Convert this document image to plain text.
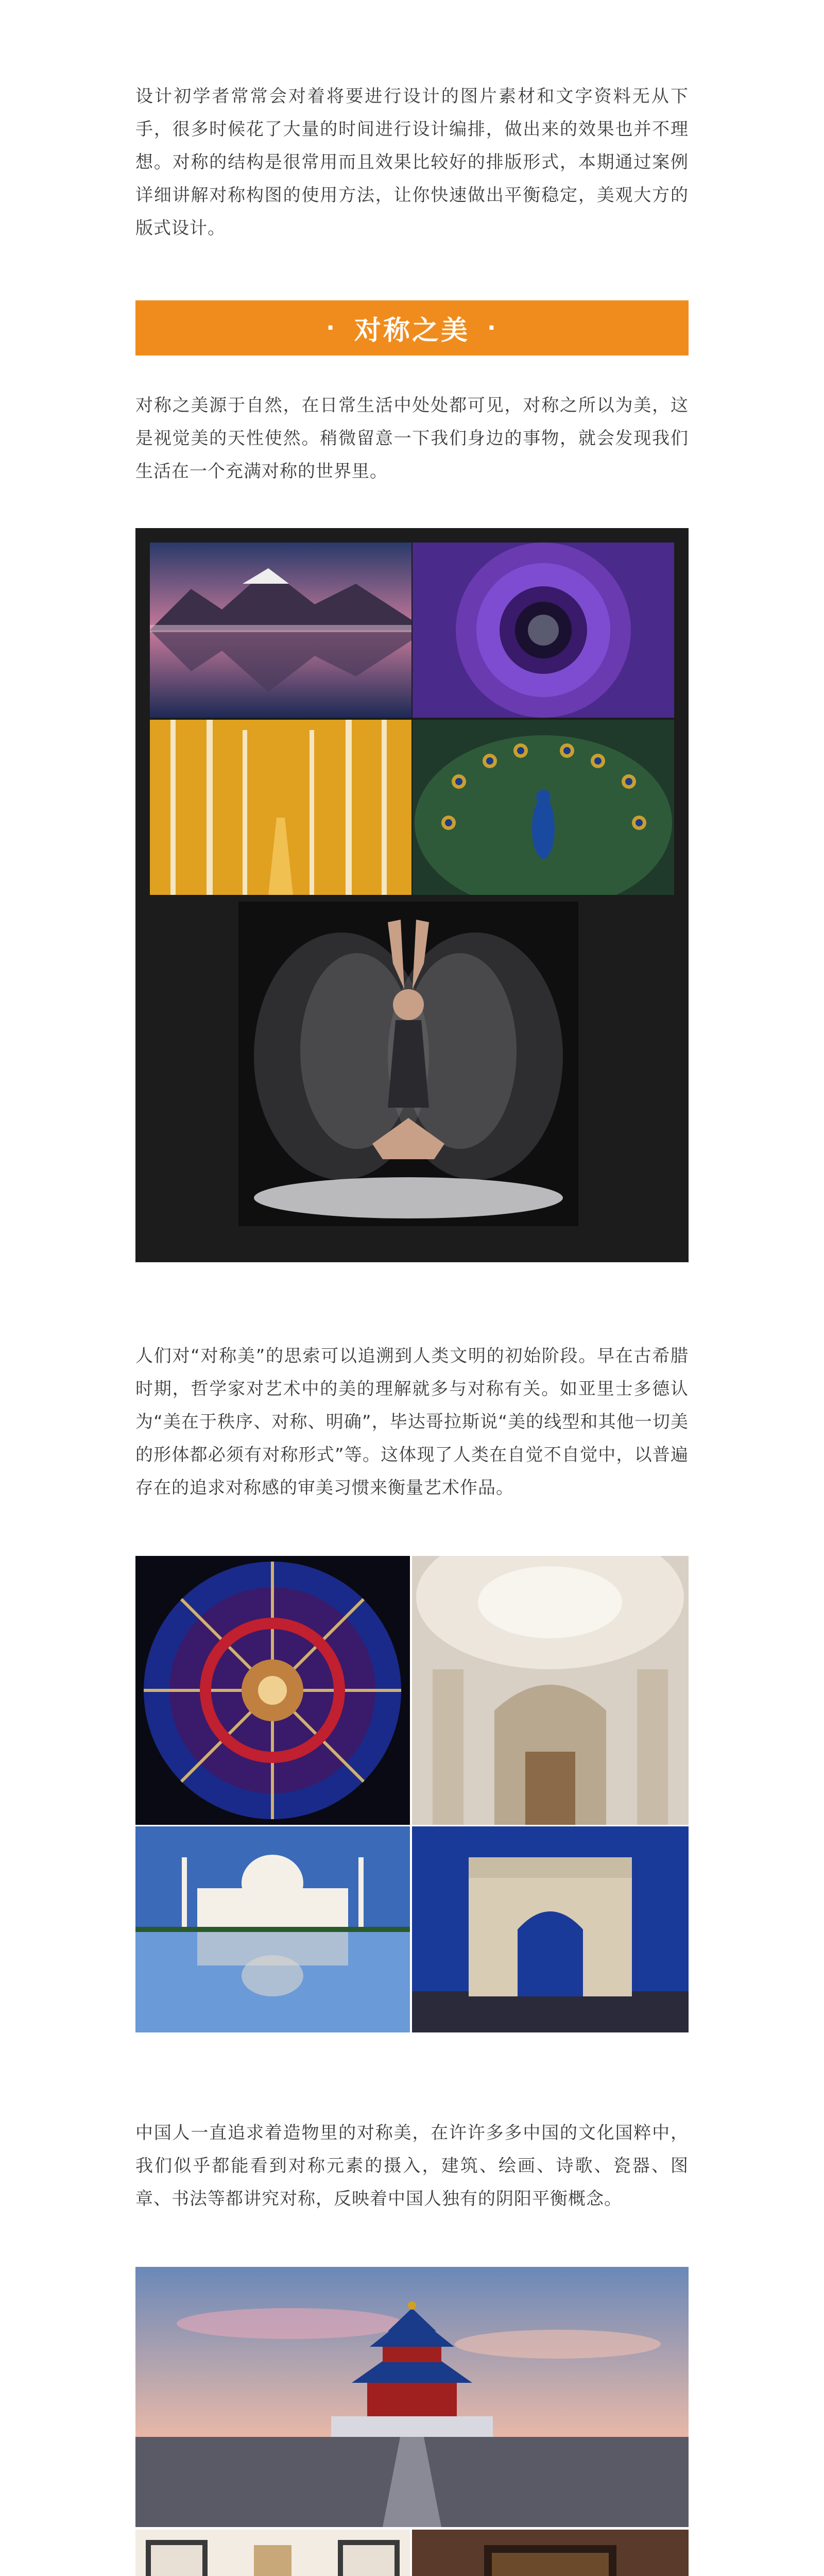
设计初学者常常会对着将要进行设计的图片素材和文字资料无从下手，很多时候花了大量的时间进行设计编排，做出来的效果也并不理想。对称的结构是很常用而且效果比较好的排版形式，本期通过案例详细讲解对称构图的使用方法，让你快速做出平衡稳定，美观大方的版式设计。

· 对称之美 ·

对称之美源于自然，在日常生活中处处都可见，对称之所以为美，这是视觉美的天性使然。稍微留意一下我们身边的事物，就会发现我们生活在一个充满对称的世界里。

人们对“对称美”的思索可以追溯到人类文明的初始阶段。早在古希腊时期，哲学家对艺术中的美的理解就多与对称有关。如亚里士多德认为“美在于秩序、对称、明确”，毕达哥拉斯说“美的线型和其他一切美的形体都必须有对称形式”等。这体现了人类在自觉不自觉中，以普遍存在的追求对称感的审美习惯来衡量艺术作品。

中国人一直追求着造物里的对称美，在许许多多中国的文化国粹中，我们似乎都能看到对称元素的摄入，建筑、绘画、诗歌、瓷器、图章、书法等都讲究对称，反映着中国人独有的阴阳平衡概念。
